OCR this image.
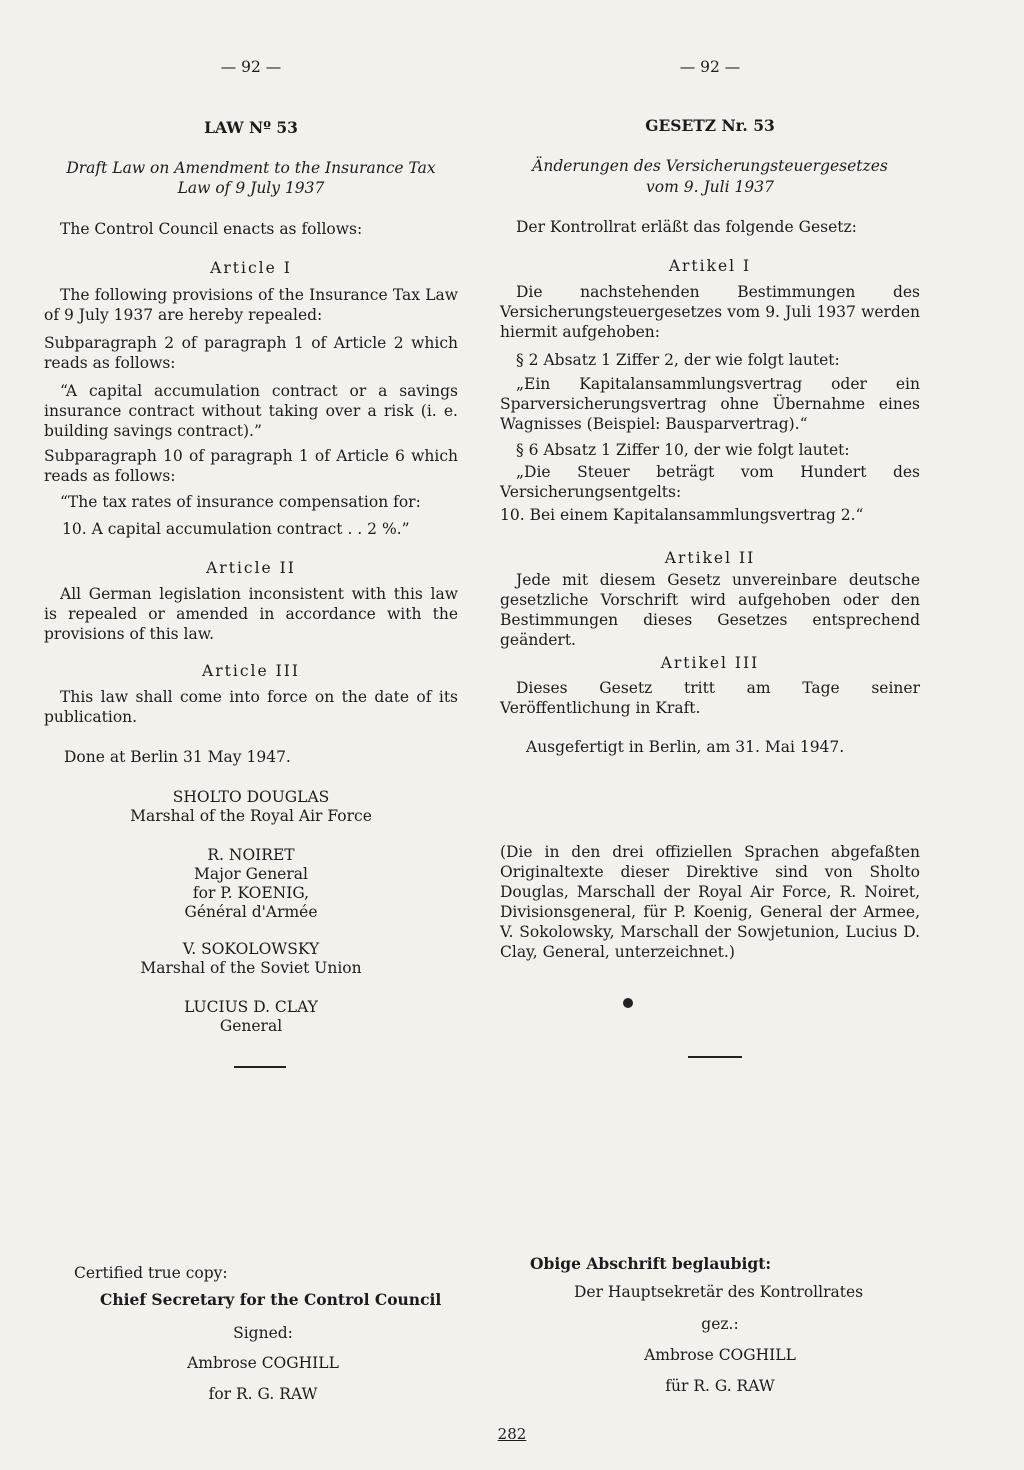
— 92 —
LAW Nº 53
Draft Law on Amendment to the Insurance Tax
Law of 9 July 1937
The Control Council enacts as follows:
Article I
The following provisions of the Insurance Tax Law of 9 July 1937 are hereby repealed:
Subparagraph 2 of paragraph 1 of Article 2 which reads as follows:
“A capital accumulation contract or a savings insurance contract without taking over a risk (i. e. building savings contract).”
Subparagraph 10 of paragraph 1 of Article 6 which reads as follows:
“The tax rates of insurance compensation for:
10. A capital accumulation contract . . 2 %.”
Article II
All German legislation inconsistent with this law is repealed or amended in accordance with the provisions of this law.
Article III
This law shall come into force on the date of its publication.
Done at Berlin 31 May 1947.
SHOLTO DOUGLAS
Marshal of the Royal Air Force
R. NOIRET
Major General
for P. KOENIG,
Général d'Armée
V. SOKOLOWSKY
Marshal of the Soviet Union
LUCIUS D. CLAY
General
Certified true copy:
Chief Secretary for the Control Council
Signed:
Ambrose COGHILL
for R. G. RAW
— 92 —
GESETZ Nr. 53
Änderungen des Versicherungsteuergesetzes
vom 9. Juli 1937
Der Kontrollrat erläßt das folgende Gesetz:
Artikel I
Die nachstehenden Bestimmungen des Versicherungsteuergesetzes vom 9. Juli 1937 werden hiermit aufgehoben:
§ 2 Absatz 1 Ziffer 2, der wie folgt lautet:
„Ein Kapitalansammlungsvertrag oder ein Sparversicherungsvertrag ohne Übernahme eines Wagnisses (Beispiel: Bausparvertrag).“
§ 6 Absatz 1 Ziffer 10, der wie folgt lautet:
„Die Steuer beträgt vom Hundert des Versicherungsentgelts:
10. Bei einem Kapitalansammlungsvertrag 2.“
Artikel II
Jede mit diesem Gesetz unvereinbare deutsche gesetzliche Vorschrift wird aufgehoben oder den Bestimmungen dieses Gesetzes entsprechend geändert.
Artikel III
Dieses Gesetz tritt am Tage seiner Veröffentlichung in Kraft.
Ausgefertigt in Berlin, am 31. Mai 1947.
(Die in den drei offiziellen Sprachen abgefaßten Originaltexte dieser Direktive sind von Sholto Douglas, Marschall der Royal Air Force, R. Noiret, Divisionsgeneral, für P. Koenig, General der Armee, V. Sokolowsky, Marschall der Sowjetunion, Lucius D. Clay, General, unterzeichnet.)
Obige Abschrift beglaubigt:
Der Hauptsekretär des Kontrollrates
gez.:
Ambrose COGHILL
für R. G. RAW
282
